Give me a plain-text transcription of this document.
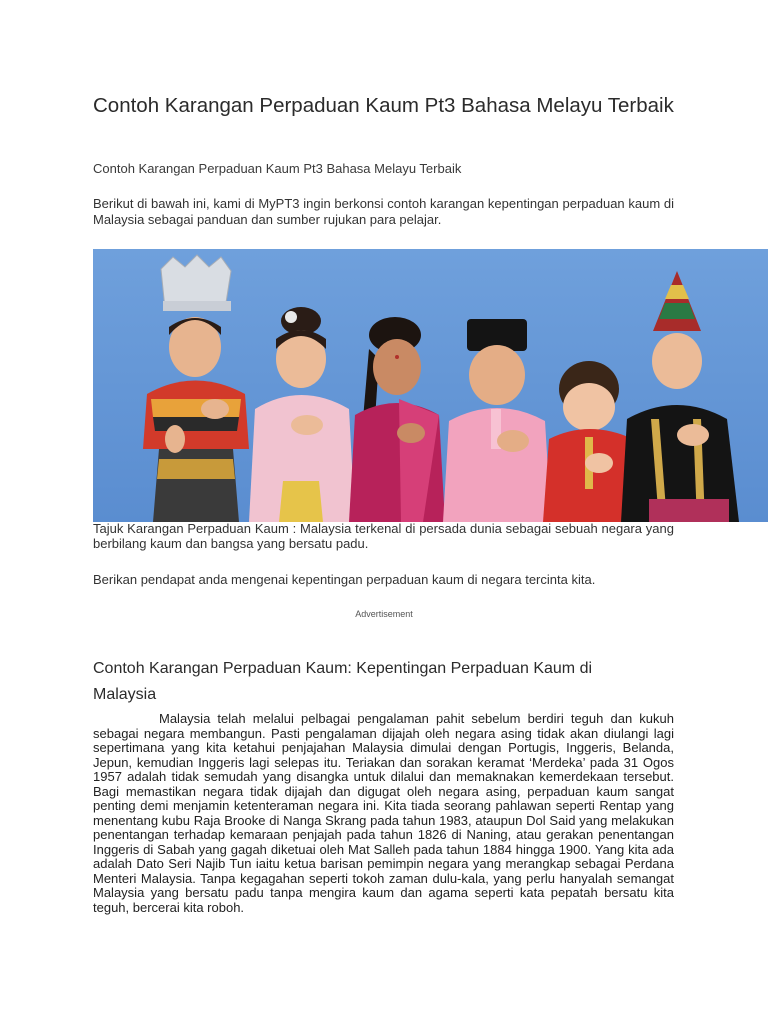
Contoh Karangan Perpaduan Kaum Pt3 Bahasa Melayu Terbaik

Contoh Karangan Perpaduan Kaum Pt3 Bahasa Melayu Terbaik

Berikut di bawah ini, kami di MyPT3 ingin berkonsi contoh karangan kepentingan perpaduan kaum di Malaysia sebagai panduan dan sumber rujukan para pelajar.

Tajuk Karangan Perpaduan Kaum : Malaysia terkenal di persada dunia sebagai sebuah negara yang berbilang kaum dan bangsa yang bersatu padu.

Berikan pendapat anda mengenai kepentingan perpaduan kaum di negara tercinta kita.

Advertisement

Contoh Karangan Perpaduan Kaum: Kepentingan Perpaduan Kaum di Malaysia

Malaysia telah melalui pelbagai pengalaman pahit sebelum berdiri teguh dan kukuh sebagai negara membangun. Pasti pengalaman dijajah oleh negara asing tidak akan diulangi lagi sepertimana yang kita ketahui penjajahan Malaysia dimulai dengan Portugis, Inggeris, Belanda, Jepun, kemudian Inggeris lagi selepas itu. Teriakan dan sorakan keramat ‘Merdeka’ pada 31 Ogos 1957 adalah tidak semudah yang disangka untuk dilalui dan memaknakan kemerdekaan tersebut. Bagi memastikan negara tidak dijajah dan digugat oleh negara asing, perpaduan kaum sangat penting demi menjamin ketenteraman negara ini. Kita tiada seorang pahlawan seperti Rentap yang menentang kubu Raja Brooke di Nanga Skrang pada tahun 1983, ataupun Dol Said yang melakukan penentangan terhadap kemaraan penjajah pada tahun 1826 di Naning, atau gerakan penentangan Inggeris di Sabah yang gagah diketuai oleh Mat Salleh pada tahun 1884 hingga 1900. Yang kita ada adalah Dato Seri Najib Tun iaitu ketua barisan pemimpin negara yang merangkap sebagai Perdana Menteri Malaysia. Tanpa kegagahan seperti tokoh zaman dulu-kala, yang perlu hanyalah semangat Malaysia yang bersatu padu tanpa mengira kaum dan agama seperti kata pepatah bersatu kita teguh, bercerai kita roboh.
